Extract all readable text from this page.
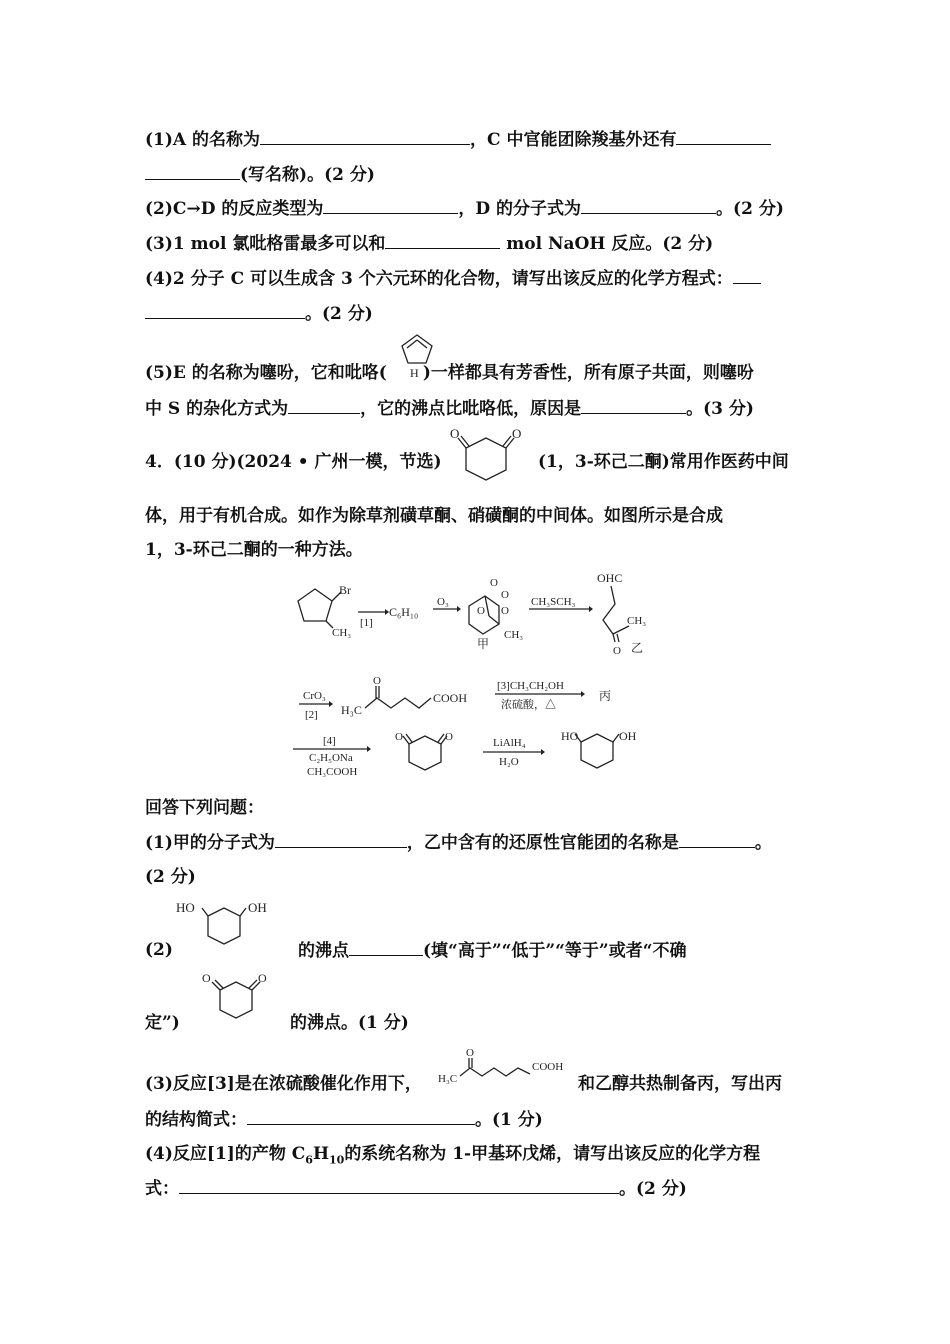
(1)A 的名称为	，C 中官能团除羧基外还有
(写名称)。(2 分)
(2)C→D 的反应类型为	，D 的分子式为	。(2 分)
(3)1 mol 氯吡格雷最多可以和	mol NaOH 反应。(2 分)
(4)2 分子 C 可以生成含 3 个六元环的化合物，请写出该反应的化学方程式：
。(2 分)
H
(5)E 的名称为噻吩，它和吡咯( )一样都具有芳香性，所有原子共面，则噻吩
中 S 的杂化方式为	，它的沸点比吡咯低，原因是	。(3 分)
4．(10 分)(2024 • 广州一模，节选)
O	O
(1，3-环己二酮)常用作医药中间
体，用于有机合成。如作为除草剂磺草酮、硝磺酮的中间体。如图所示是合成
1，3-环己二酮的一种方法。
Br
CH₃
[1]
C₆H₁₀
O₃
O
O
O O
CH₃
甲
CH₃SCH₃
OHC
O
CH₃
乙
CrO₃
[2] H₃C
O
COOH
[3]CH₃CH₂OH
浓硫酸，△
丙
[4]
C₂H₅ONa
CH₃COOH
O	O	LiAlH₄
H₂O
HO	OH
回答下列问题：
(1)甲的分子式为	，乙中含有的还原性官能团的名称是	。
(2 分)
HO	OH
(2)	的沸点	(填“高于”“低于”“等于”或者“不确
O	O
定”)	的沸点。(1 分)
H₃C
O
COOH
(3)反应[3]是在浓硫酸催化作用下，	和乙醇共热制备丙，写出丙
的结构简式：	。(1 分)
(4)反应[1]的产物 $C_6H_{10}$的系统名称为 1-甲基环戊烯，请写出该反应的化学方程
式：	。(2 分)
